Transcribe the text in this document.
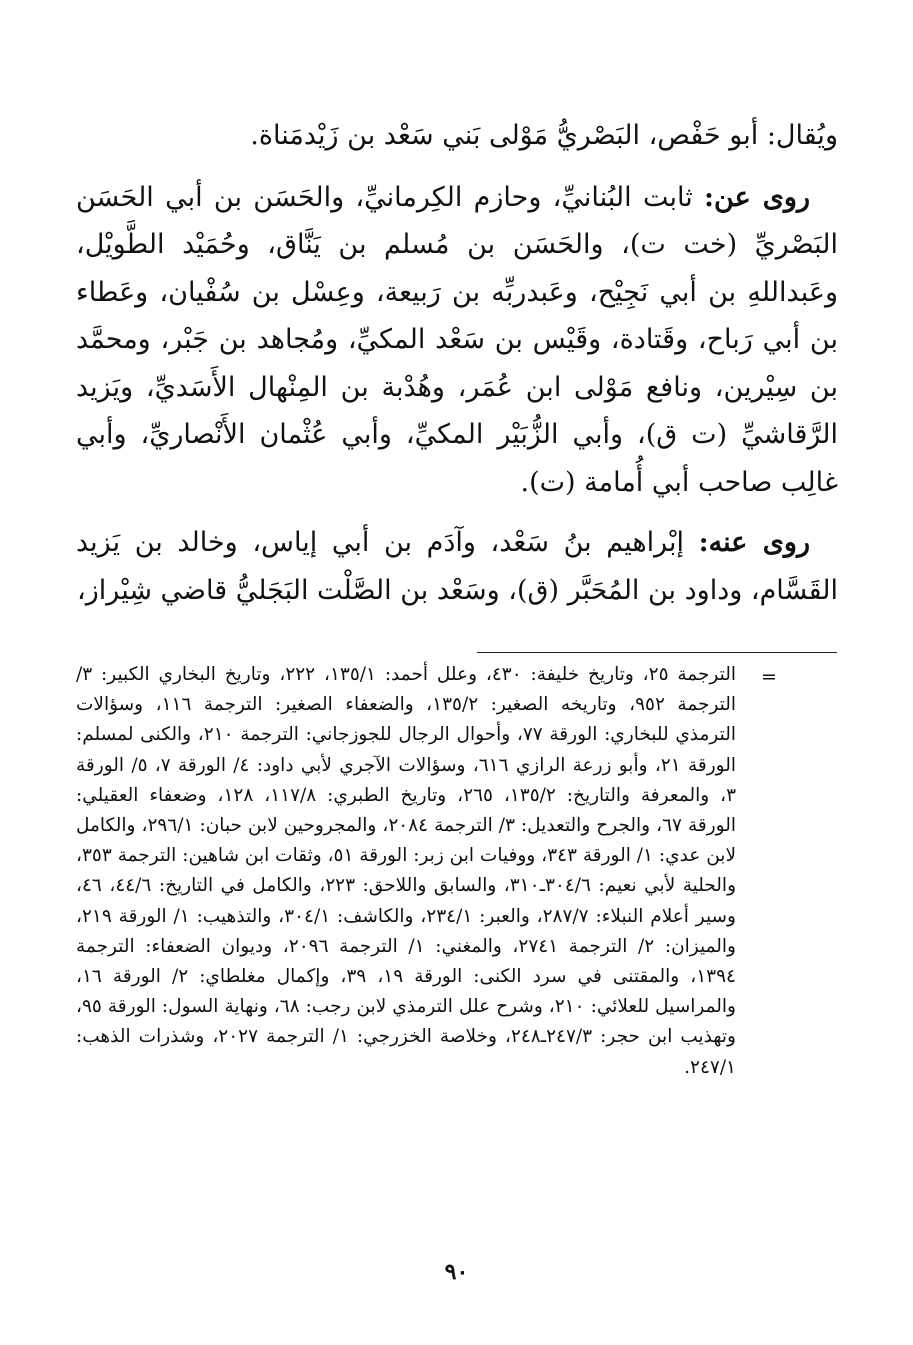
ويُقال: أبو حَفْص، البَصْريُّ مَوْلى بَني سَعْد بن زَيْدمَناة.

روى عن: ثابت البُنانيِّ، وحازم الكِرمانيِّ، والحَسَن بن أبي الحَسَن البَصْريِّ (خت ت)، والحَسَن بن مُسلم بن يَنَّاق، وحُمَيْد الطَّويْل، وعَبداللهِ بن أبي نَجِيْح، وعَبدربِّه بن رَبيعة، وعِسْل بن سُفْيان، وعَطاء بن أبي رَباح، وقَتادة، وقَيْس بن سَعْد المكيِّ، ومُجاهد بن جَبْر، ومحمَّد بن سِيْرين، ونافع مَوْلى ابن عُمَر، وهُدْبة بن المِنْهال الأَسَديِّ، ويَزيد الرَّقاشيِّ (ت ق)، وأبي الزُّبَيْر المكيِّ، وأبي عُثْمان الأَنْصاريِّ، وأبي غالِب صاحب أبي أُمامة (ت).

روى عنه: إبْراهيم بنُ سَعْد، وآدَم بن أبي إياس، وخالد بن يَزيد القَسَّام، وداود بن المُحَبَّر (ق)، وسَعْد بن الصَّلْت البَجَليُّ قاضي شِيْراز،

=

الترجمة ٢٥، وتاريخ خليفة: ٤٣٠، وعلل أحمد: ١٣٥/١، ٢٢٢، وتاريخ البخاري الكبير: ٣/ الترجمة ٩٥٢، وتاريخه الصغير: ١٣٥/٢، والضعفاء الصغير: الترجمة ١١٦، وسؤالات الترمذي للبخاري: الورقة ٧٧، وأحوال الرجال للجوزجاني: الترجمة ٢١٠، والكنى لمسلم: الورقة ٢١، وأبو زرعة الرازي ٦١٦، وسؤالات الآجري لأبي داود: ٤/ الورقة ٧، ٥/ الورقة ٣، والمعرفة والتاريخ: ١٣٥/٢، ٢٦٥، وتاريخ الطبري: ١١٧/٨، ١٢٨، وضعفاء العقيلي: الورقة ٦٧، والجرح والتعديل: ٣/ الترجمة ٢٠٨٤، والمجروحين لابن حبان: ٢٩٦/١، والكامل لابن عدي: ١/ الورقة ٣٤٣، ووفيات ابن زبر: الورقة ٥١، وثقات ابن شاهين: الترجمة ٣٥٣، والحلية لأبي نعيم: ٣٠٤/٦ـ٣١٠، والسابق واللاحق: ٢٢٣، والكامل في التاريخ: ٤٤/٦، ٤٦، وسير أعلام النبلاء: ٢٨٧/٧، والعبر: ٢٣٤/١، والكاشف: ٣٠٤/١، والتذهيب: ١/ الورقة ٢١٩، والميزان: ٢/ الترجمة ٢٧٤١، والمغني: ١/ الترجمة ٢٠٩٦، وديوان الضعفاء: الترجمة ١٣٩٤، والمقتنى في سرد الكنى: الورقة ١٩، ٣٩، وإكمال مغلطاي: ٢/ الورقة ١٦، والمراسيل للعلائي: ٢١٠، وشرح علل الترمذي لابن رجب: ٦٨، ونهاية السول: الورقة ٩٥، وتهذيب ابن حجر: ٢٤٧/٣ـ٢٤٨، وخلاصة الخزرجي: ١/ الترجمة ٢٠٢٧، وشذرات الذهب: ٢٤٧/١.

٩٠
